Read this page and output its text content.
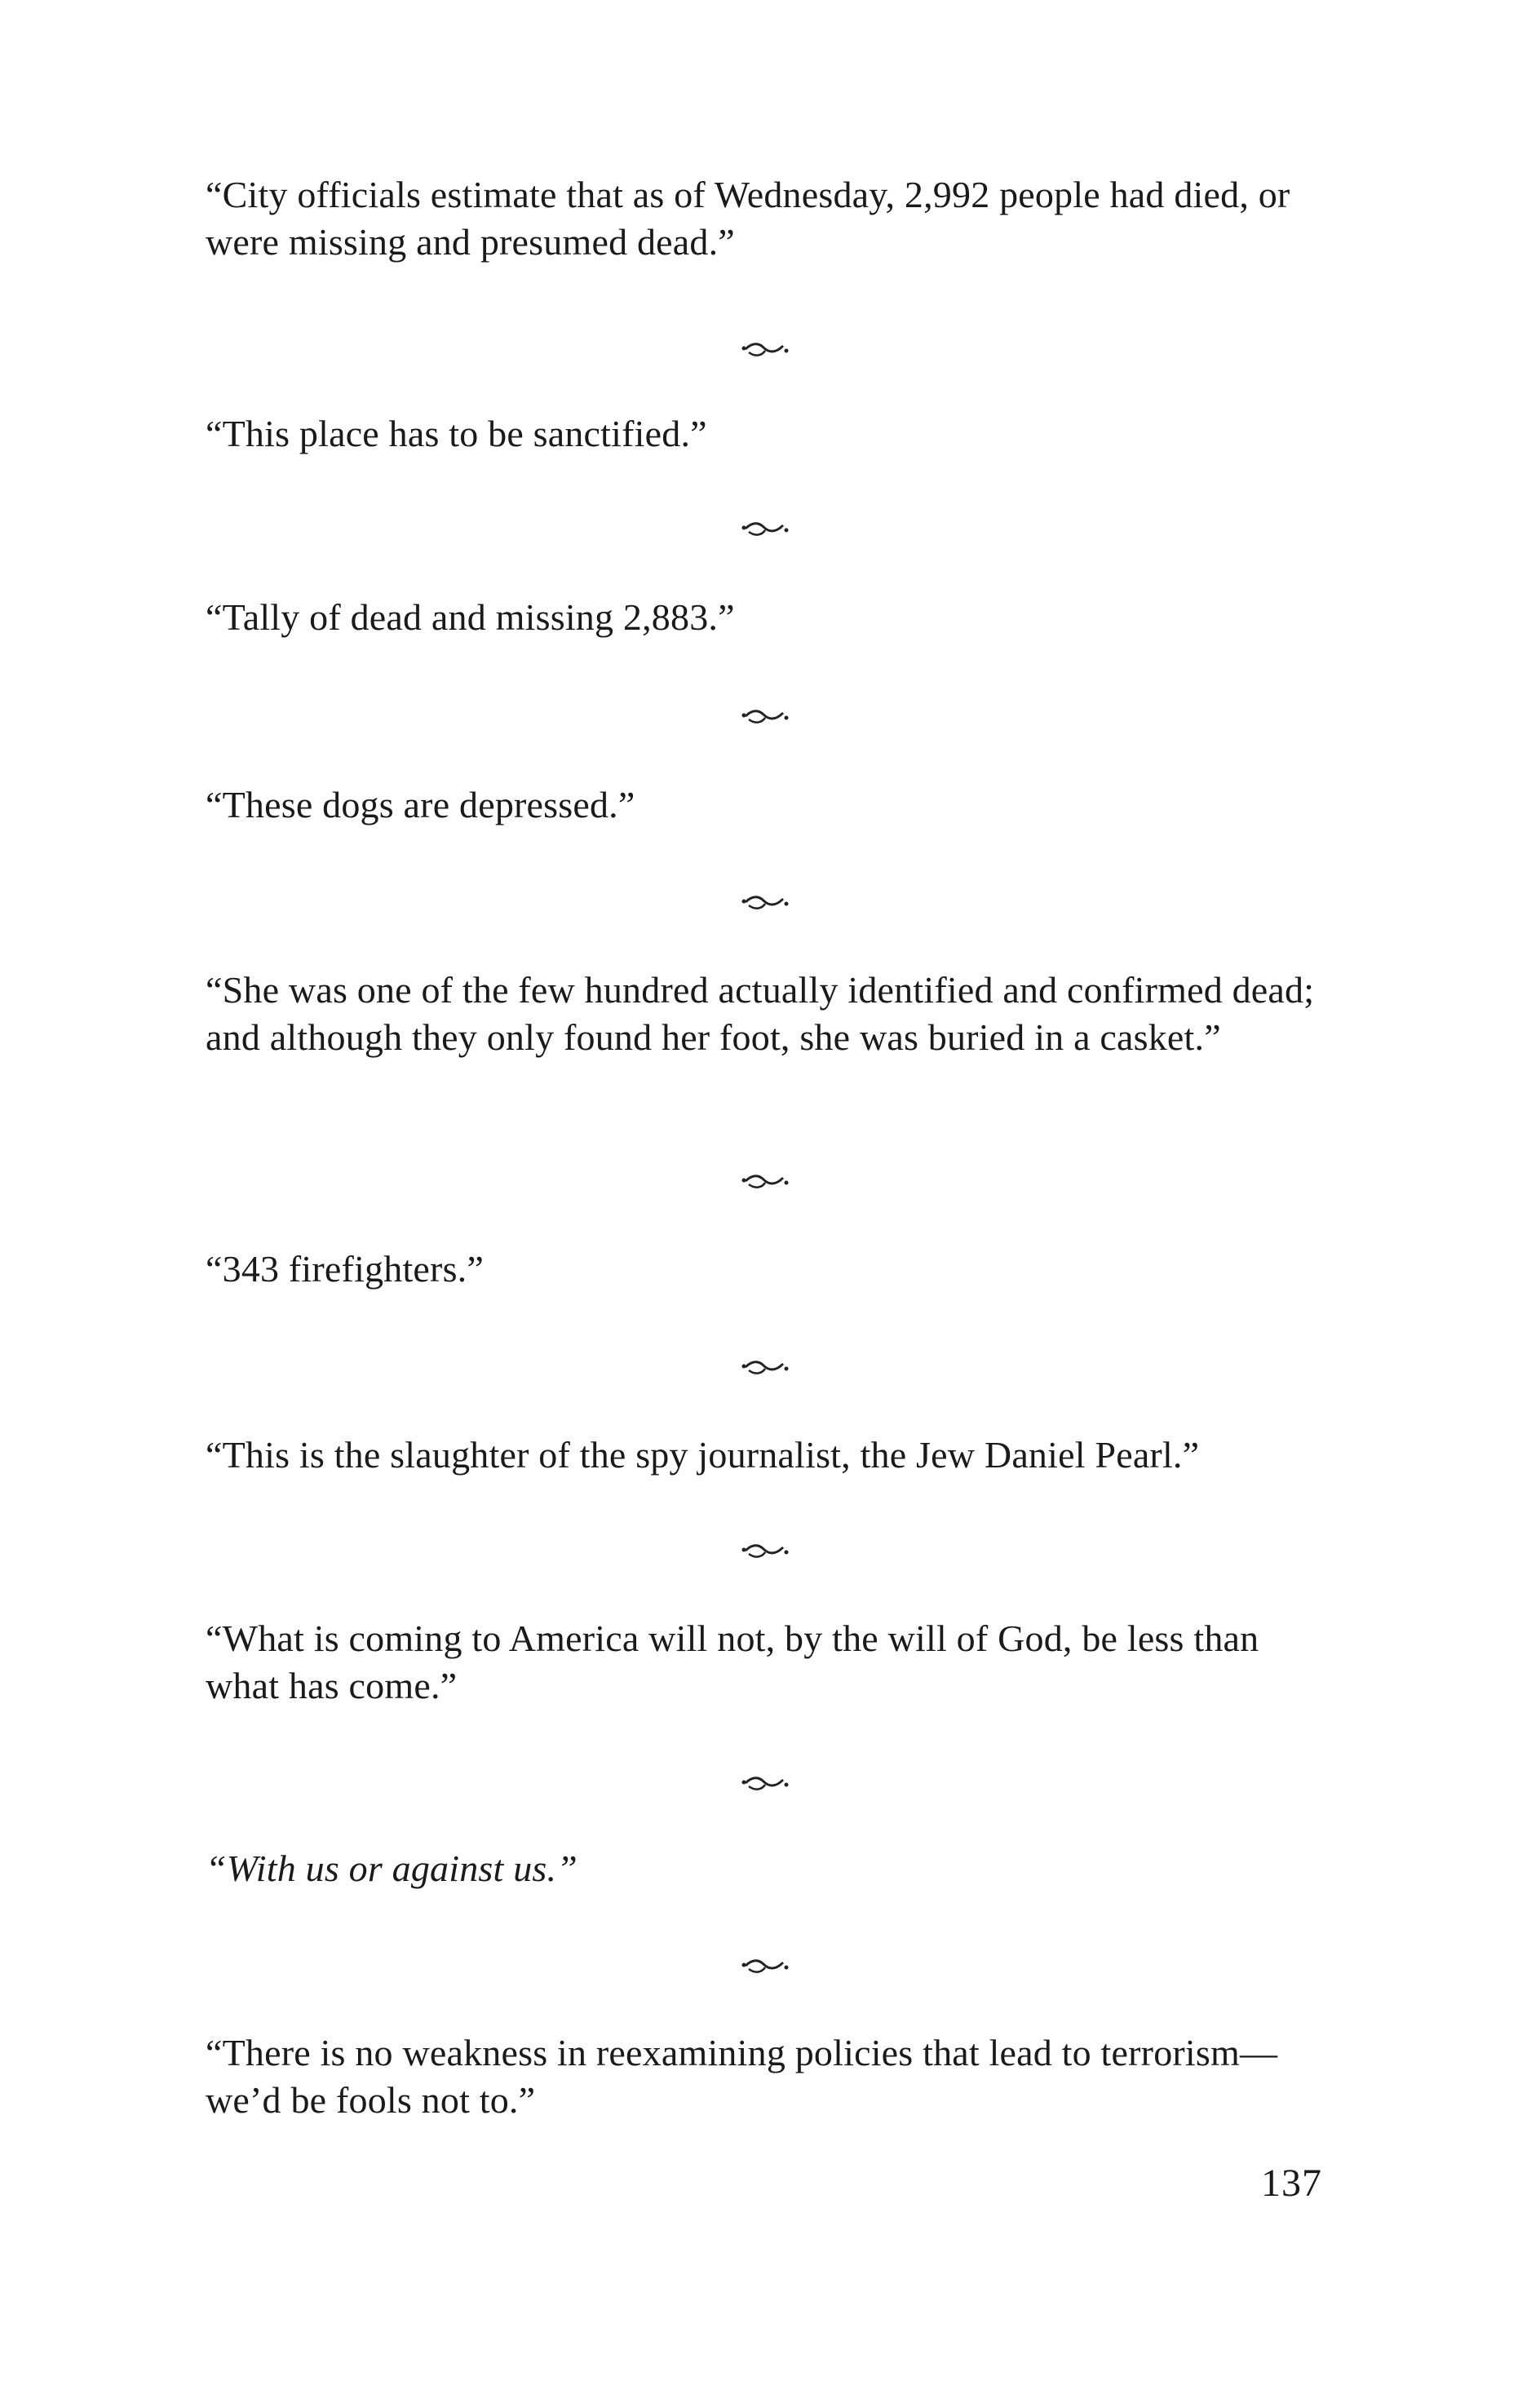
“City officials estimate that as of Wednesday, 2,992 people had died, or were missing and presumed dead.”

“This place has to be sanctified.”

“Tally of dead and missing 2,883.”

“These dogs are depressed.”

“She was one of the few hundred actually identified and confirmed dead; and although they only found her foot, she was buried in a casket.”

“343 firefighters.”

“This is the slaughter of the spy journalist, the Jew Daniel Pearl.”

“What is coming to America will not, by the will of God, be less than what has come.”

“With us or against us.”

“There is no weakness in reexamining policies that lead to terrorism—we’d be fools not to.”

137
